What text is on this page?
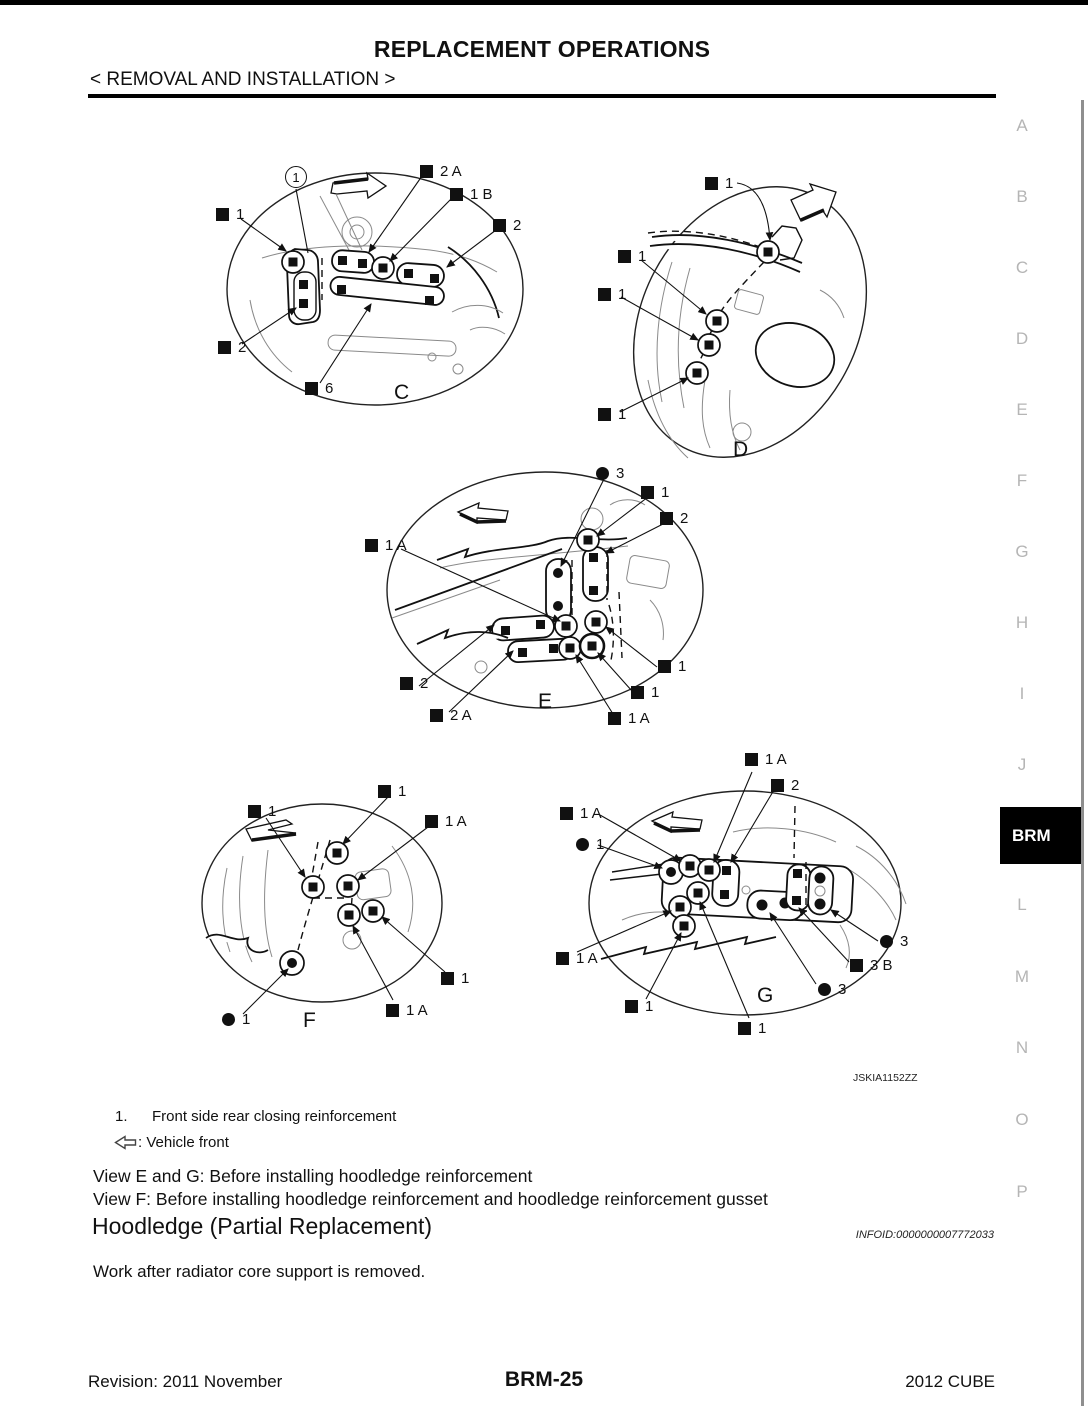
REPLACEMENT OPERATIONS
< REMOVAL AND INSTALLATION >
C
1	2 A
1 B
2
1
2
6
D
1
1
1
1
E
3
1
2
1 A
1
1
2
2 A	1 A
F
1
1
1 A
1
1 A
1
G
1 A
2
1 A
1
1 A
1
1
3
3 B
3
JSKIA1152ZZ
BRM
A
B
C
D
E
F
G
H
I
J
L
M
N
O
P
1.	Front side rear closing reinforcement
: Vehicle front
View E and G: Before installing hoodledge reinforcement
View F: Before installing hoodledge reinforcement and hoodledge reinforcement gusset
Hoodledge (Partial Replacement)	INFOID:0000000007772033
Work after radiator core support is removed.
Revision: 2011 November	BRM-25	2012 CUBE
